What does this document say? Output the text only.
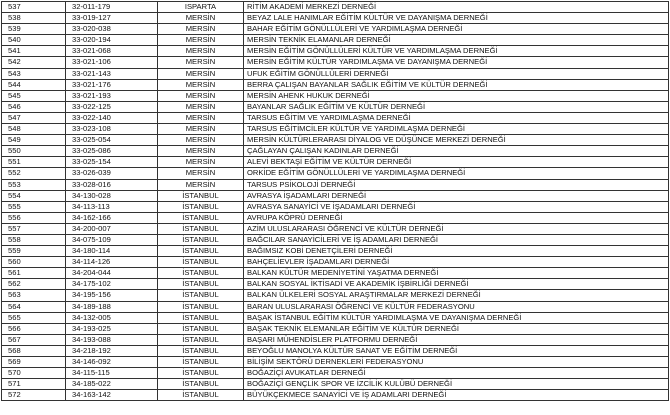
537	32-011-179	ISPARTA	RİTİM AKADEMİ MERKEZİ DERNEĞİ
538	33-019-127	MERSİN	BEYAZ LALE HANIMLAR EĞİTİM KÜLTÜR VE DAYANIŞMA DERNEĞİ
539	33-020-038	MERSİN	BAHAR EĞİTİM GÖNÜLLÜLERİ VE YARDIMLAŞMA DERNEĞİ
540	33-020-194	MERSİN	MERSİN TEKNİK ELAMANLAR DERNEĞİ
541	33-021-068	MERSİN	MERSİN EĞİTİM GÖNÜLLÜLERİ KÜLTÜR VE YARDIMLAŞMA DERNEĞİ
542	33-021-106	MERSİN	MERSİN EĞİTİM KÜLTÜR YARDIMLAŞMA VE DAYANIŞMA DERNEĞİ
543	33-021-143	MERSİN	UFUK EĞİTİM GÖNÜLLÜLERİ DERNEĞİ
544	33-021-176	MERSİN	BERRA ÇALIŞAN BAYANLAR SAĞLIK EĞİTİM VE KÜLTÜR DERNEĞİ
545	33-021-193	MERSİN	MERSİN AHENK HUKUK DERNEĞİ
546	33-022-125	MERSİN	BAYANLAR SAĞLIK EĞİTİM VE KÜLTÜR DERNEĞİ
547	33-022-140	MERSİN	TARSUS EĞİTİM VE YARDIMLAŞMA DERNEĞİ
548	33-023-108	MERSİN	TARSUS EĞİTİMCİLER KÜLTÜR VE YARDIMLAŞMA DERNEĞİ
549	33-025-054	MERSİN	MERSİN KÜLTÜRLERARASI DİYALOG VE DÜŞÜNCE MERKEZİ DERNEĞİ
550	33-025-086	MERSİN	ÇAĞLAYAN ÇALIŞAN KADINLAR DERNEĞİ
551	33-025-154	MERSİN	ALEVİ BEKTAŞİ EĞİTİM VE KÜLTÜR DERNEĞİ
552	33-026-039	MERSİN	ORKİDE EĞİTİM GÖNÜLLÜLERİ VE YARDIMLAŞMA DERNEĞİ
553	33-028-016	MERSİN	TARSUS PSİKOLOJİ DERNEĞİ
554	34-130-028	İSTANBUL	AVRASYA İŞADAMLARI DERNEĞİ
555	34-113-113	İSTANBUL	AVRASYA SANAYİCİ VE İŞADAMLARI DERNEĞİ
556	34-162-166	İSTANBUL	AVRUPA KÖPRÜ DERNEĞİ
557	34-200-007	İSTANBUL	AZİM ULUSLARARASI ÖĞRENCİ VE KÜLTÜR DERNEĞİ
558	34-075-109	İSTANBUL	BAĞCILAR SANAYİCİLERİ VE İŞ ADAMLARI DERNEĞİ
559	34-180-114	İSTANBUL	BAĞIMSIZ KOBİ DENETÇİLERİ DERNEĞİ
560	34-114-126	İSTANBUL	BAHÇELİEVLER İŞADAMLARI DERNEĞİ
561	34-204-044	İSTANBUL	BALKAN KÜLTÜR MEDENİYETİNİ YAŞATMA DERNEĞİ
562	34-175-102	İSTANBUL	BALKAN SOSYAL İKTİSADİ VE AKADEMİK İŞBİRLİĞİ DERNEĞİ
563	34-195-156	İSTANBUL	BALKAN ÜLKELERİ SOSYAL ARAŞTIRMALAR MERKEZİ DERNEĞİ
564	34-189-188	İSTANBUL	BARAN ULUSLARARASI ÖĞRENCİ VE KÜLTÜR FEDERASYONU
565	34-132-005	İSTANBUL	BAŞAK İSTANBUL EĞİTİM KÜLTÜR YARDIMLAŞMA VE DAYANIŞMA DERNEĞİ
566	34-193-025	İSTANBUL	BAŞAK TEKNİK ELEMANLAR EĞİTİM VE KÜLTÜR DERNEĞİ
567	34-193-088	İSTANBUL	BAŞARI MÜHENDİSLER PLATFORMU DERNEĞİ
568	34-218-192	İSTANBUL	BEYOĞLU MANOLYA KÜLTÜR SANAT VE EĞİTİM DERNEĞİ
569	34-146-092	İSTANBUL	BİLİŞİM SEKTÖRÜ DERNEKLERİ FEDERASYONU
570	34-115-115	İSTANBUL	BOĞAZİÇİ AVUKATLAR DERNEĞİ
571	34-185-022	İSTANBUL	BOĞAZİÇİ GENÇLİK SPOR VE İZCİLİK KULÜBÜ DERNEĞİ
572	34-163-142	İSTANBUL	BÜYÜKÇEKMECE SANAYİCİ VE İŞ ADAMLARI DERNEĞİ
